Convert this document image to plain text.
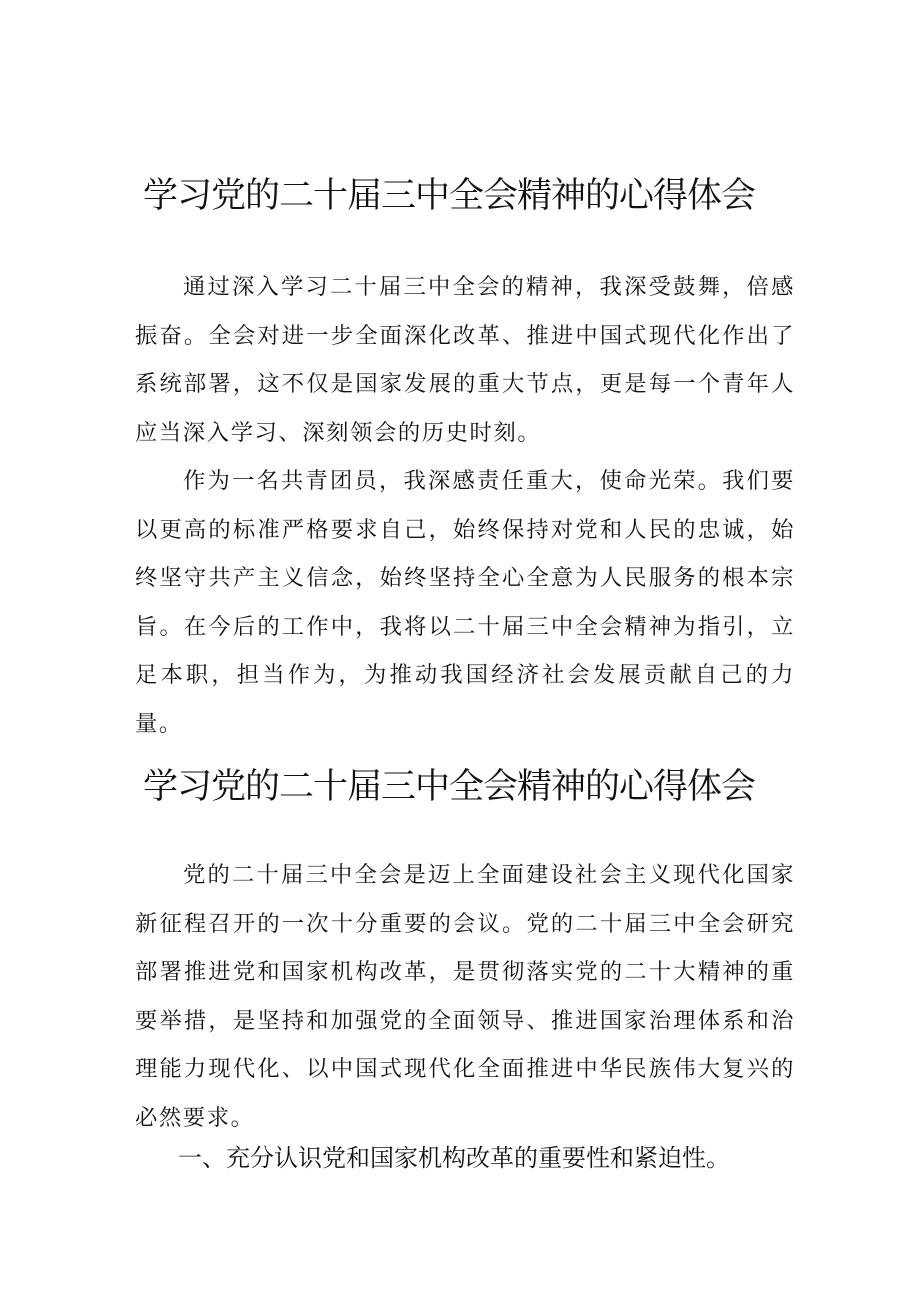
学习党的二十届三中全会精神的心得体会

通过深入学习二十届三中全会的精神，我深受鼓舞，倍感振奋。全会对进一步全面深化改革、推进中国式现代化作出了系统部署，这不仅是国家发展的重大节点，更是每一个青年人应当深入学习、深刻领会的历史时刻。

作为一名共青团员，我深感责任重大，使命光荣。我们要以更高的标准严格要求自己，始终保持对党和人民的忠诚，始终坚守共产主义信念，始终坚持全心全意为人民服务的根本宗旨。在今后的工作中，我将以二十届三中全会精神为指引，立足本职，担当作为，为推动我国经济社会发展贡献自己的力量。

学习党的二十届三中全会精神的心得体会

党的二十届三中全会是迈上全面建设社会主义现代化国家新征程召开的一次十分重要的会议。党的二十届三中全会研究部署推进党和国家机构改革，是贯彻落实党的二十大精神的重要举措，是坚持和加强党的全面领导、推进国家治理体系和治理能力现代化、以中国式现代化全面推进中华民族伟大复兴的必然要求。

一、充分认识党和国家机构改革的重要性和紧迫性。
